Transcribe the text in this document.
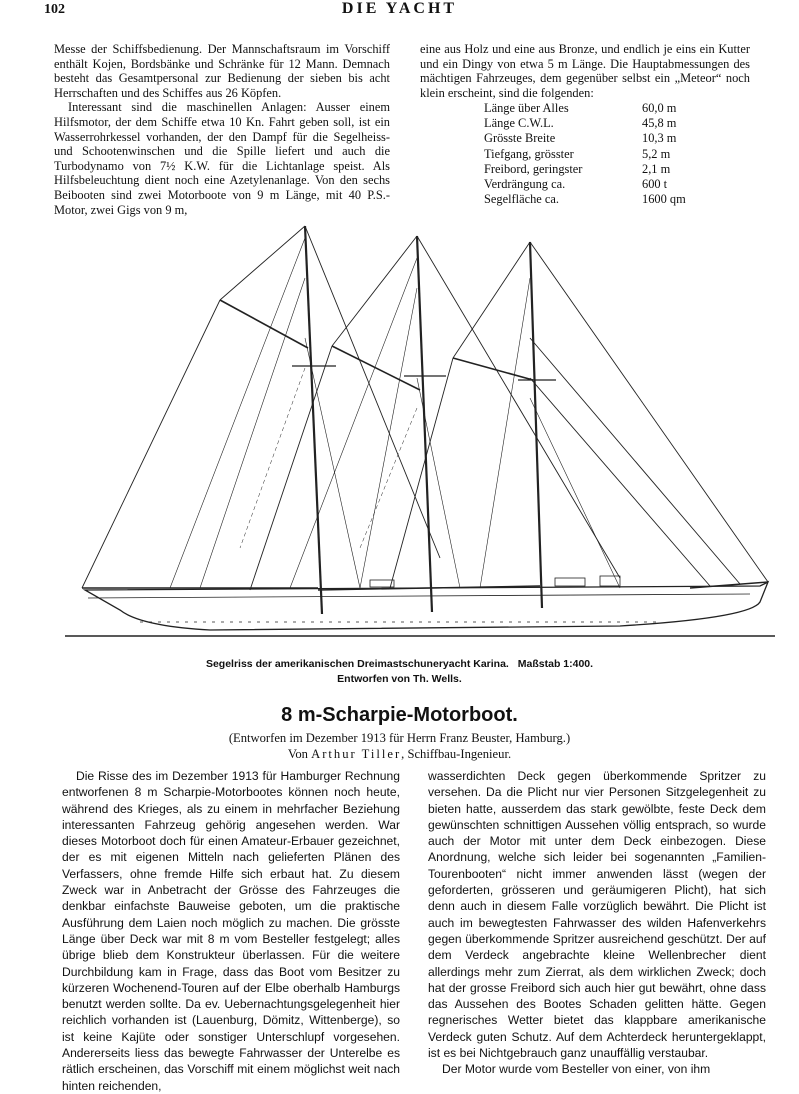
102	DIE YACHT

Messe der Schiffsbedienung. Der Mannschaftsraum im Vorschiff enthält Kojen, Bordsbänke und Schränke für 12 Mann. Demnach besteht das Gesamtpersonal zur Bedienung der sieben bis acht Herrschaften und des Schiffes aus 26 Köpfen.

Interessant sind die maschinellen Anlagen: Ausser einem Hilfsmotor, der dem Schiffe etwa 10 Kn. Fahrt geben soll, ist ein Wasserrohrkessel vorhanden, der den Dampf für die Segelheiss- und Schootenwinschen und die Spille liefert und auch die Turbodynamo von 7½ K.W. für die Lichtanlage speist. Als Hilfsbeleuchtung dient noch eine Azetylenanlage. Von den sechs Beibooten sind zwei Motorboote von 9 m Länge, mit 40 P.S.-Motor, zwei Gigs von 9 m,

eine aus Holz und eine aus Bronze, und endlich je eins ein Kutter und ein Dingy von etwa 5 m Länge. Die Hauptabmessungen des mächtigen Fahrzeuges, dem gegenüber selbst ein „Meteor“ noch klein erscheint, sind die folgenden:

Länge über Alles	60,0 m
Länge C.W.L.	45,8 m
Grösste Breite	10,3 m
Tiefgang, grösster	5,2 m
Freibord, geringster	2,1 m
Verdrängung ca.	600 t
Segelfläche ca.	1600 qm
Segelriss der amerikanischen Dreimastschuneryacht Karina. Maßstab 1:400.
Entworfen von Th. Wells.
8 m-Scharpie-Motorboot.
(Entworfen im Dezember 1913 für Herrn Franz Beuster, Hamburg.)
Von Arthur Tiller, Schiffbau-Ingenieur.

Die Risse des im Dezember 1913 für Hamburger Rechnung entworfenen 8 m Scharpie-Motorbootes können noch heute, während des Krieges, als zu einem in mehrfacher Beziehung interessanten Fahrzeug gehörig angesehen werden. War dieses Motorboot doch für einen Amateur-Erbauer gezeichnet, der es mit eigenen Mitteln nach gelieferten Plänen des Verfassers, ohne fremde Hilfe sich erbaut hat. Zu diesem Zweck war in Anbetracht der Grösse des Fahrzeuges die denkbar einfachste Bauweise geboten, um die praktische Ausführung dem Laien noch möglich zu machen. Die grösste Länge über Deck war mit 8 m vom Besteller festgelegt; alles übrige blieb dem Konstrukteur überlassen. Für die weitere Durchbildung kam in Frage, dass das Boot vom Besitzer zu kürzeren Wochenend-Touren auf der Elbe oberhalb Hamburgs benutzt werden sollte. Da ev. Uebernachtungsgelegenheit hier reichlich vorhanden ist (Lauenburg, Dömitz, Wittenberge), so ist keine Kajüte oder sonstiger Unterschlupf vorgesehen. Andererseits liess das bewegte Fahrwasser der Unterelbe es rätlich erscheinen, das Vorschiff mit einem möglichst weit nach hinten reichenden,

wasserdichten Deck gegen überkommende Spritzer zu versehen. Da die Plicht nur vier Personen Sitzgelegenheit zu bieten hatte, ausserdem das stark gewölbte, feste Deck dem gewünschten schnittigen Aussehen völlig entsprach, so wurde auch der Motor mit unter dem Deck einbezogen. Diese Anordnung, welche sich leider bei sogenannten „Familien-Tourenbooten“ nicht immer anwenden lässt (wegen der geforderten, grösseren und geräumigeren Plicht), hat sich denn auch in diesem Falle vorzüglich bewährt. Die Plicht ist auch im bewegtesten Fahrwasser des wilden Hafenverkehrs gegen überkommende Spritzer ausreichend geschützt. Der auf dem Verdeck angebrachte kleine Wellenbrecher dient allerdings mehr zum Zierrat, als dem wirklichen Zweck; doch hat der grosse Freibord sich auch hier gut bewährt, ohne dass das Aussehen des Bootes Schaden gelitten hätte. Gegen regnerisches Wetter bietet das klappbare amerikanische Verdeck guten Schutz. Auf dem Achterdeck heruntergeklappt, ist es bei Nichtgebrauch ganz unauffällig verstaubar.

Der Motor wurde vom Besteller von einer, von ihm
